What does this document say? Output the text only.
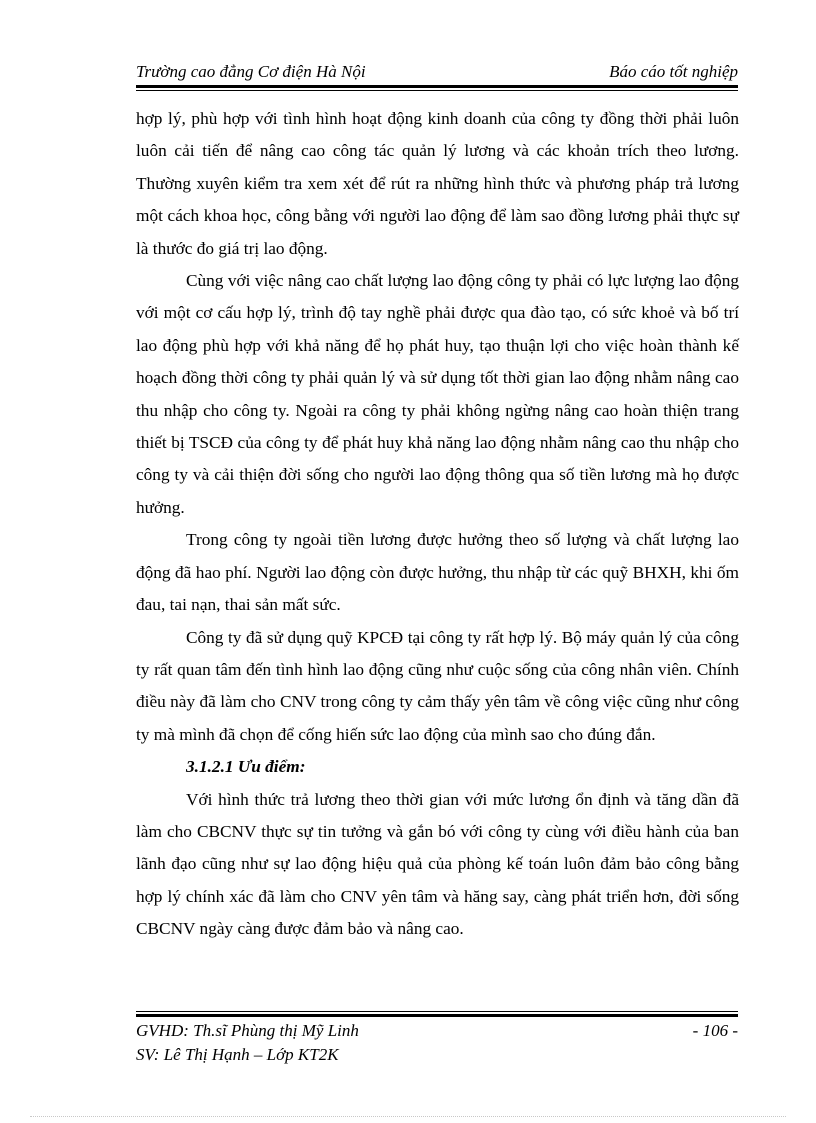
Trường cao đẳng Cơ điện Hà Nội	Báo cáo tốt nghiệp

hợp lý, phù hợp với tình hình hoạt động kinh doanh của công ty đồng thời phải luôn luôn cải tiến để nâng cao công tác quản lý lương và các khoản trích theo lương. Thường xuyên kiểm tra xem xét để rút ra những hình thức và phương pháp trả lương một cách khoa học, công bằng với người lao động để làm sao đồng lương phải thực sự là thước đo giá trị lao động.

Cùng với việc nâng cao chất lượng lao động công ty phải có lực lượng lao động với một cơ cấu hợp lý, trình độ tay nghề phải được qua đào tạo, có sức khoẻ và bố trí lao động phù hợp với khả năng để họ phát huy, tạo thuận lợi cho việc hoàn thành kế hoạch đồng thời công ty phải quản lý và sử dụng tốt thời gian lao động nhằm nâng cao thu nhập cho công ty. Ngoài ra công ty phải không ngừng nâng cao hoàn thiện trang thiết bị TSCĐ của công ty để phát huy khả năng lao động nhằm nâng cao thu nhập cho công ty và cải thiện đời sống cho người lao động thông qua số tiền lương mà họ được hưởng.

Trong công ty ngoài tiền lương được hưởng theo số lượng và chất lượng lao động đã hao phí. Người lao động còn được hưởng, thu nhập từ các quỹ BHXH, khi ốm đau, tai nạn, thai sản mất sức.

Công ty đã sử dụng quỹ KPCĐ tại công ty rất hợp lý. Bộ máy quản lý của công ty rất quan tâm đến tình hình lao động cũng như cuộc sống của công nhân viên. Chính điều này đã làm cho CNV trong công ty cảm thấy yên tâm về công việc cũng như công ty mà mình đã chọn để cống hiến sức lao động của mình sao cho đúng đắn.

3.1.2.1 Ưu điểm:

Với hình thức trả lương theo thời gian với mức lương ổn định và tăng dần đã làm cho CBCNV thực sự tin tưởng và gắn bó với công ty cùng với điều hành của ban lãnh đạo cũng như sự lao động hiệu quả của phòng kế toán luôn đảm bảo công bằng hợp lý chính xác đã làm cho CNV yên tâm và hăng say, càng phát triển hơn, đời sống CBCNV ngày càng được đảm bảo và nâng cao.

GVHD: Th.sĩ Phùng thị Mỹ Linh
SV: Lê Thị Hạnh – Lớp KT2K
- 106 -
